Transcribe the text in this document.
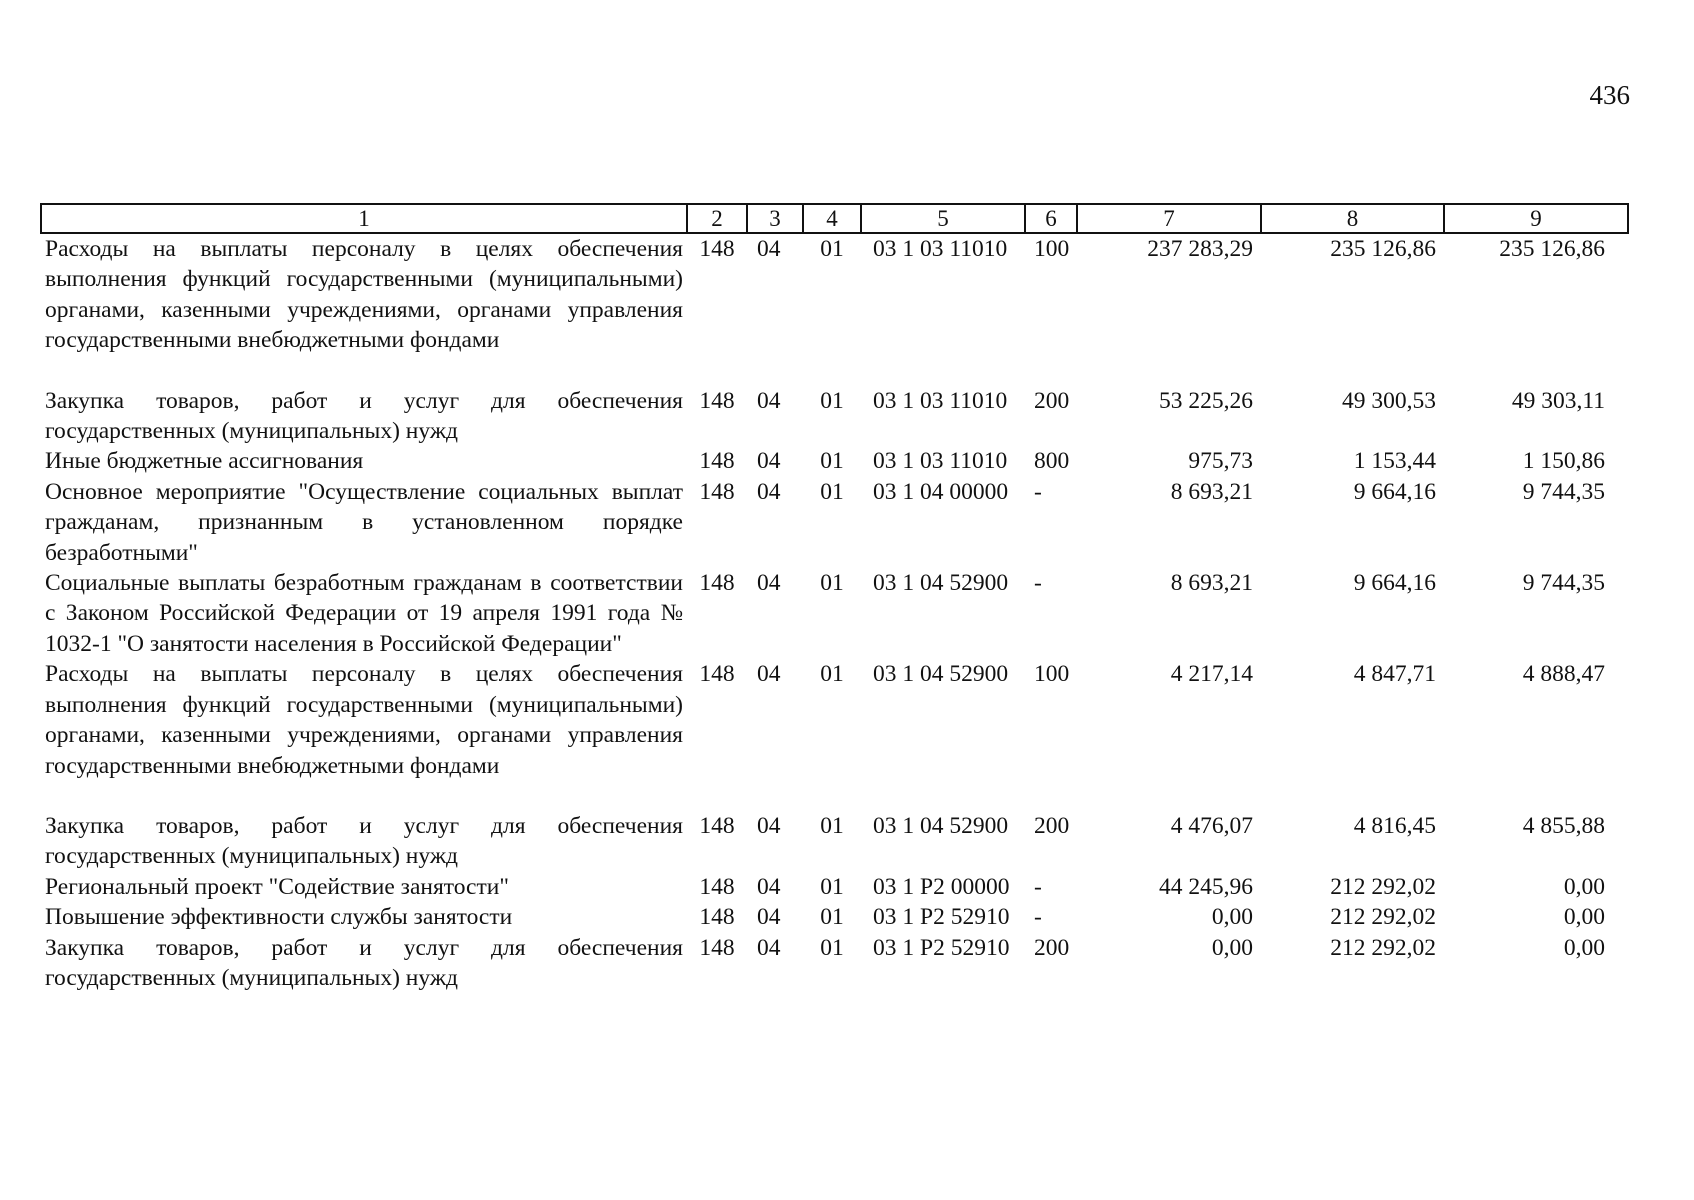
436
1	2	3	4	5	6	7	8	9
Расходы на выплаты персоналу в целях обеспечения выполнения функций государственными (муниципальными) органами, казенными учреждениями, органами управления государственными внебюджетными фондами	148	04	01	03 1 03 11010	100	237 283,29	235 126,86	235 126,86

Закупка товаров, работ и услуг для обеспечения государственных (муниципальных) нужд	148	04	01	03 1 03 11010	200	53 225,26	49 300,53	49 303,11
Иные бюджетные ассигнования	148	04	01	03 1 03 11010	800	975,73	1 153,44	1 150,86
Основное мероприятие "Осуществление социальных выплат гражданам, признанным в установленном порядке безработными"	148	04	01	03 1 04 00000	-	8 693,21	9 664,16	9 744,35
Социальные выплаты безработным гражданам в соответствии с Законом Российской Федерации от 19 апреля 1991 года № 1032-1 "О занятости населения в Российской Федерации"	148	04	01	03 1 04 52900	-	8 693,21	9 664,16	9 744,35
Расходы на выплаты персоналу в целях обеспечения выполнения функций государственными (муниципальными) органами, казенными учреждениями, органами управления государственными внебюджетными фондами	148	04	01	03 1 04 52900	100	4 217,14	4 847,71	4 888,47

Закупка товаров, работ и услуг для обеспечения государственных (муниципальных) нужд	148	04	01	03 1 04 52900	200	4 476,07	4 816,45	4 855,88
Региональный проект "Содействие занятости"	148	04	01	03 1 P2 00000	-	44 245,96	212 292,02	0,00
Повышение эффективности службы занятости	148	04	01	03 1 P2 52910	-	0,00	212 292,02	0,00
Закупка товаров, работ и услуг для обеспечения государственных (муниципальных) нужд	148	04	01	03 1 P2 52910	200	0,00	212 292,02	0,00
